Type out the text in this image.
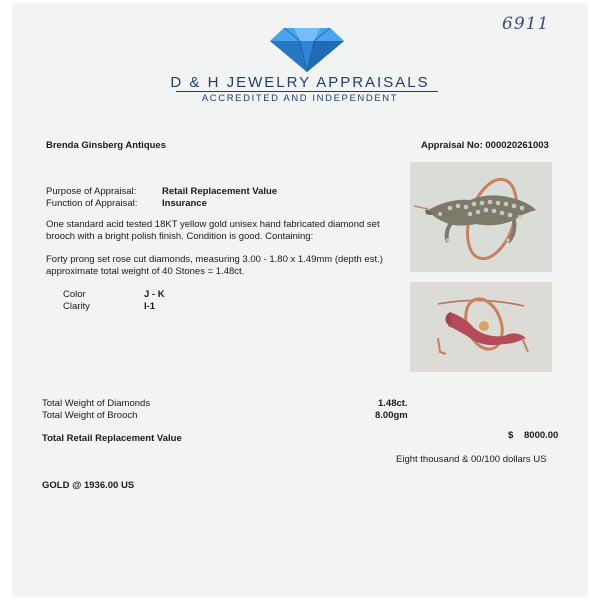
6911
D & H JEWELRY APPRAISALS
ACCREDITED AND INDEPENDENT
Brenda Ginsberg Antiques	Appraisal No: 000020261003
Purpose of Appraisal:	Retail Replacement Value
Function of Appraisal:	Insurance
One standard acid tested 18KT yellow gold unisex hand fabricated diamond set brooch with a bright polish finish. Condition is good. Containing:
Forty prong set rose cut diamonds, measuring 3.00 - 1.80 x 1.49mm (depth est.) approximate total weight of 40 Stones = 1.48ct.
Color	J - K
Clarity	I-1
Total Weight of Diamonds	1.48ct.
Total Weight of Brooch	8.00gm
Total Retail Replacement Value	$ 8000.00
Eight thousand & 00/100 dollars US
GOLD @ 1936.00 US
